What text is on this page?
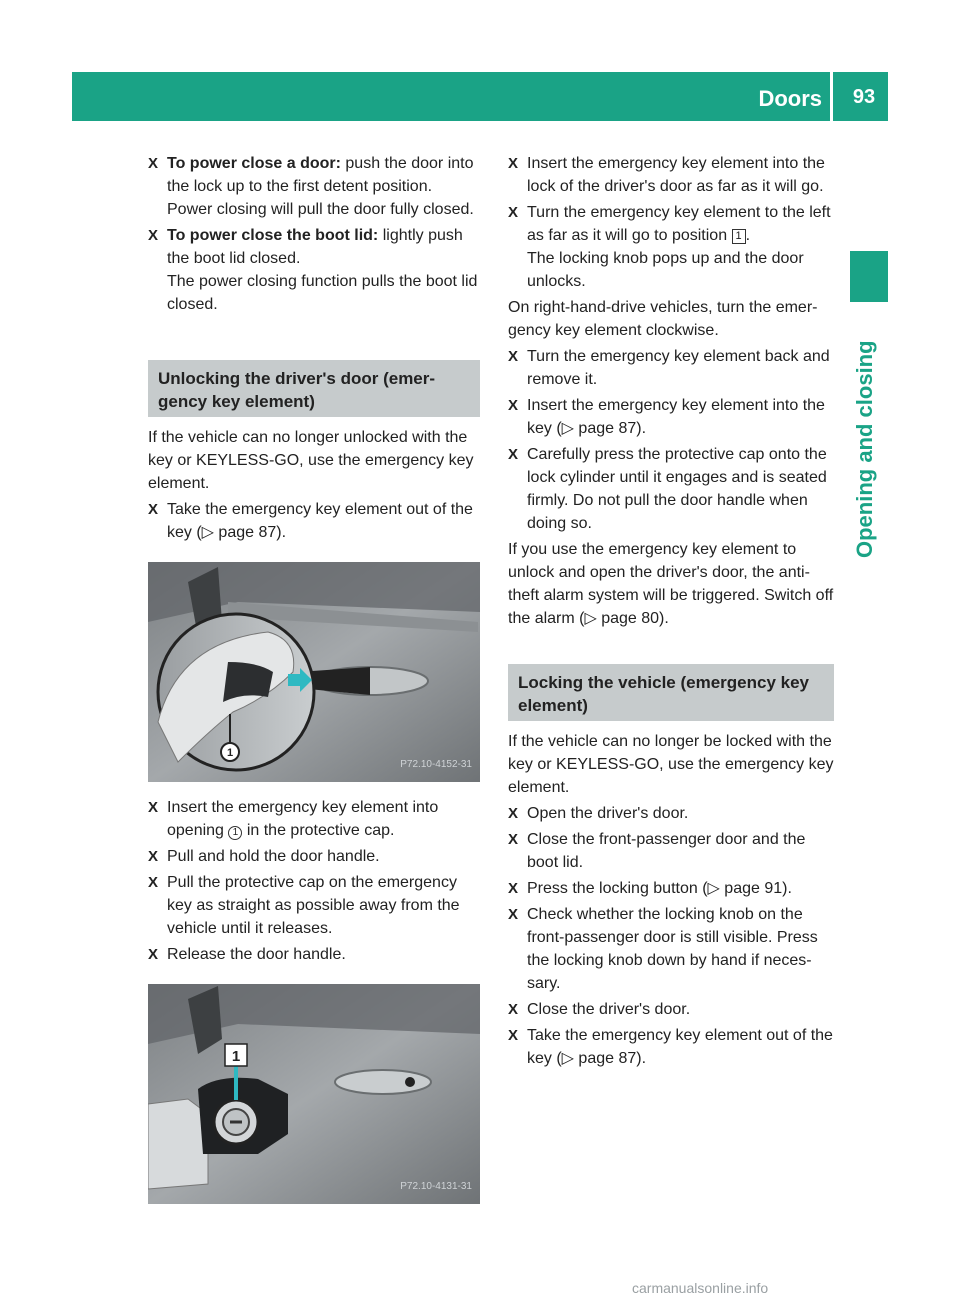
Doors	93
Opening and closing
X To power close a door: push the door into the lock up to the first detent position.
Power closing will pull the door fully closed.
X To power close the boot lid: lightly push the boot lid closed.
The power closing function pulls the boot lid closed.
Unlocking the driver's door (emer-
gency key element)
If the vehicle can no longer unlocked with the key or KEYLESS-GO, use the emergency key element.
X Take the emergency key element out of the key (▷ page 87).
1
P72.10-4152-31
X Insert the emergency key element into opening 1 in the protective cap.
X Pull and hold the door handle.
X Pull the protective cap on the emergency key as straight as possible away from the vehicle until it releases.
X Release the door handle.
1
P72.10-4131-31
X Insert the emergency key element into the lock of the driver's door as far as it will go.
X Turn the emergency key element to the left as far as it will go to position 1 .
The locking knob pops up and the door unlocks.
On right-hand-drive vehicles, turn the emer-gency key element clockwise.
X Turn the emergency key element back and remove it.
X Insert the emergency key element into the key (▷ page 87).
X Carefully press the protective cap onto the lock cylinder until it engages and is seated firmly. Do not pull the door handle when doing so.
If you use the emergency key element to unlock and open the driver's door, the anti-theft alarm system will be triggered. Switch off the alarm (▷ page 80).
Locking the vehicle (emergency key
element)
If the vehicle can no longer be locked with the key or KEYLESS-GO, use the emergency key element.
X Open the driver's door.
X Close the front-passenger door and the boot lid.
X Press the locking button (▷ page 91).
X Check whether the locking knob on the front-passenger door is still visible. Press the locking knob down by hand if neces-sary.
X Close the driver's door.
X Take the emergency key element out of the key (▷ page 87).
carmanualsonline.info
